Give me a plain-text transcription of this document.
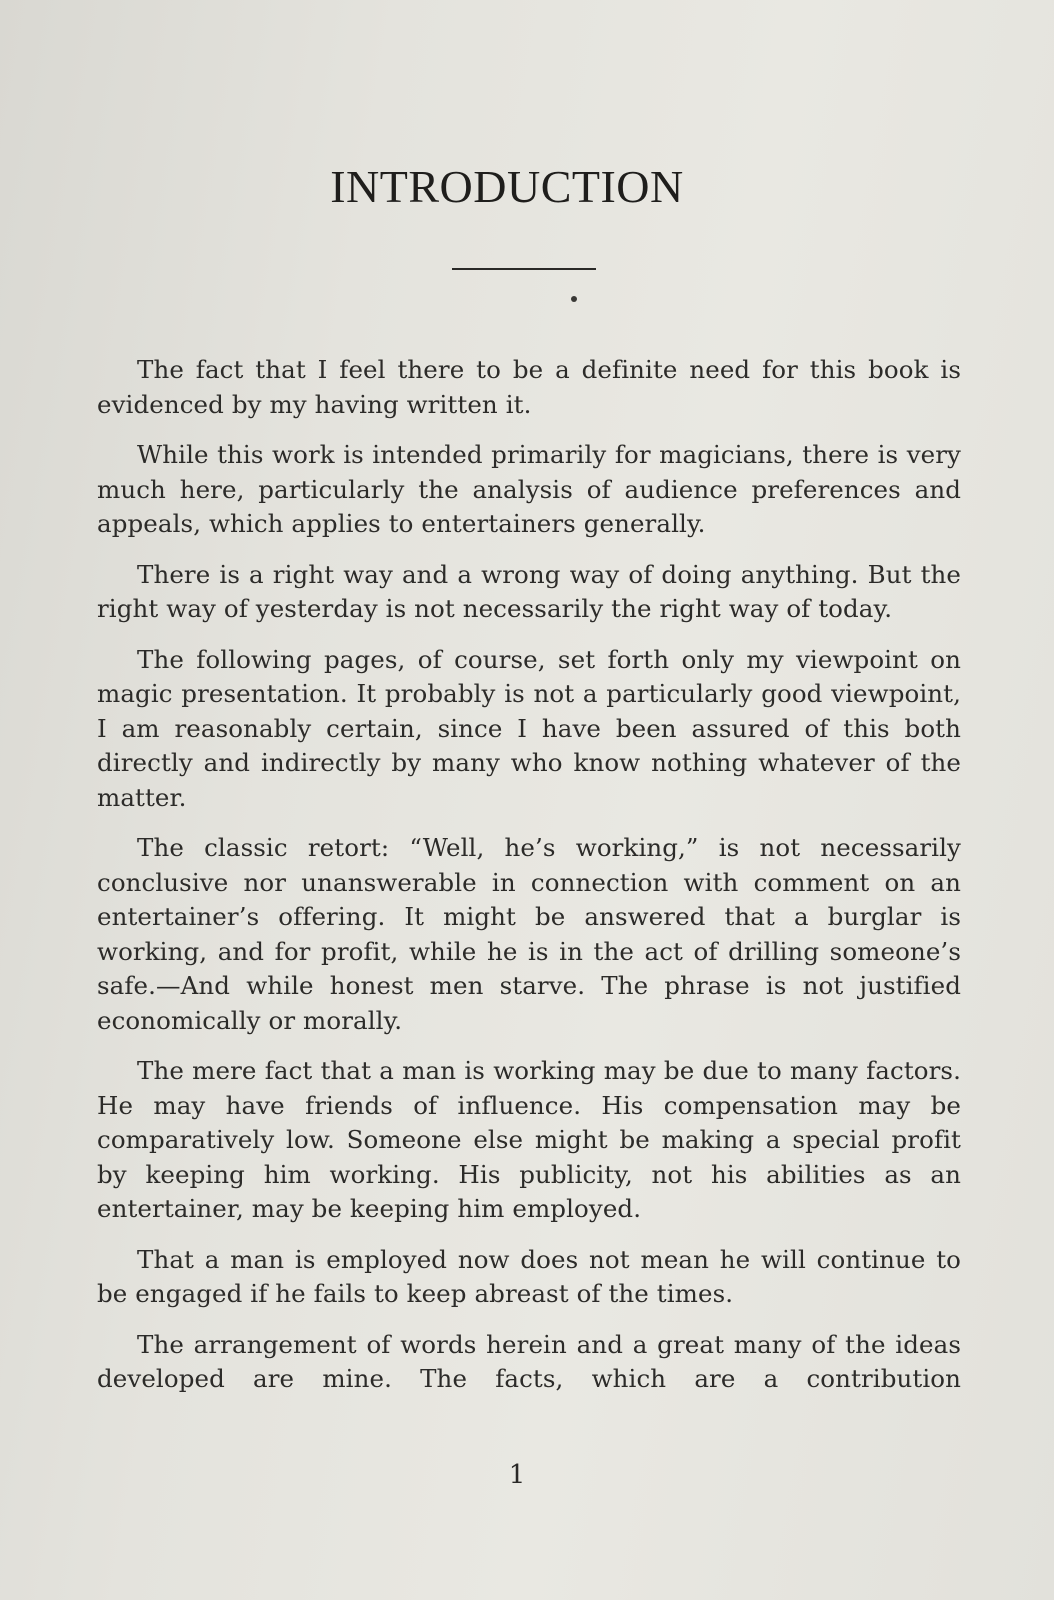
INTRODUCTION

The fact that I feel there to be a definite need for this book is evidenced by my having written it.

While this work is intended primarily for magicians, there is very much here, particularly the analysis of audience preferences and appeals, which applies to entertainers generally.

There is a right way and a wrong way of doing anything. But the right way of yesterday is not necessarily the right way of today.

The following pages, of course, set forth only my viewpoint on magic presentation. It probably is not a particularly good viewpoint, I am reasonably certain, since I have been assured of this both directly and indirectly by many who know nothing whatever of the matter.

The classic retort: “Well, he’s working,” is not necessarily conclusive nor unanswerable in connection with comment on an entertainer’s offering. It might be answered that a burglar is working, and for profit, while he is in the act of drilling someone’s safe.—And while honest men starve. The phrase is not justified economically or morally.

The mere fact that a man is working may be due to many factors. He may have friends of influence. His compensation may be comparatively low. Someone else might be making a special profit by keeping him working. His publicity, not his abilities as an entertainer, may be keeping him employed.

That a man is employed now does not mean he will continue to be engaged if he fails to keep abreast of the times.

The arrangement of words herein and a great many of the ideas developed are mine. The facts, which are a contribution

1
